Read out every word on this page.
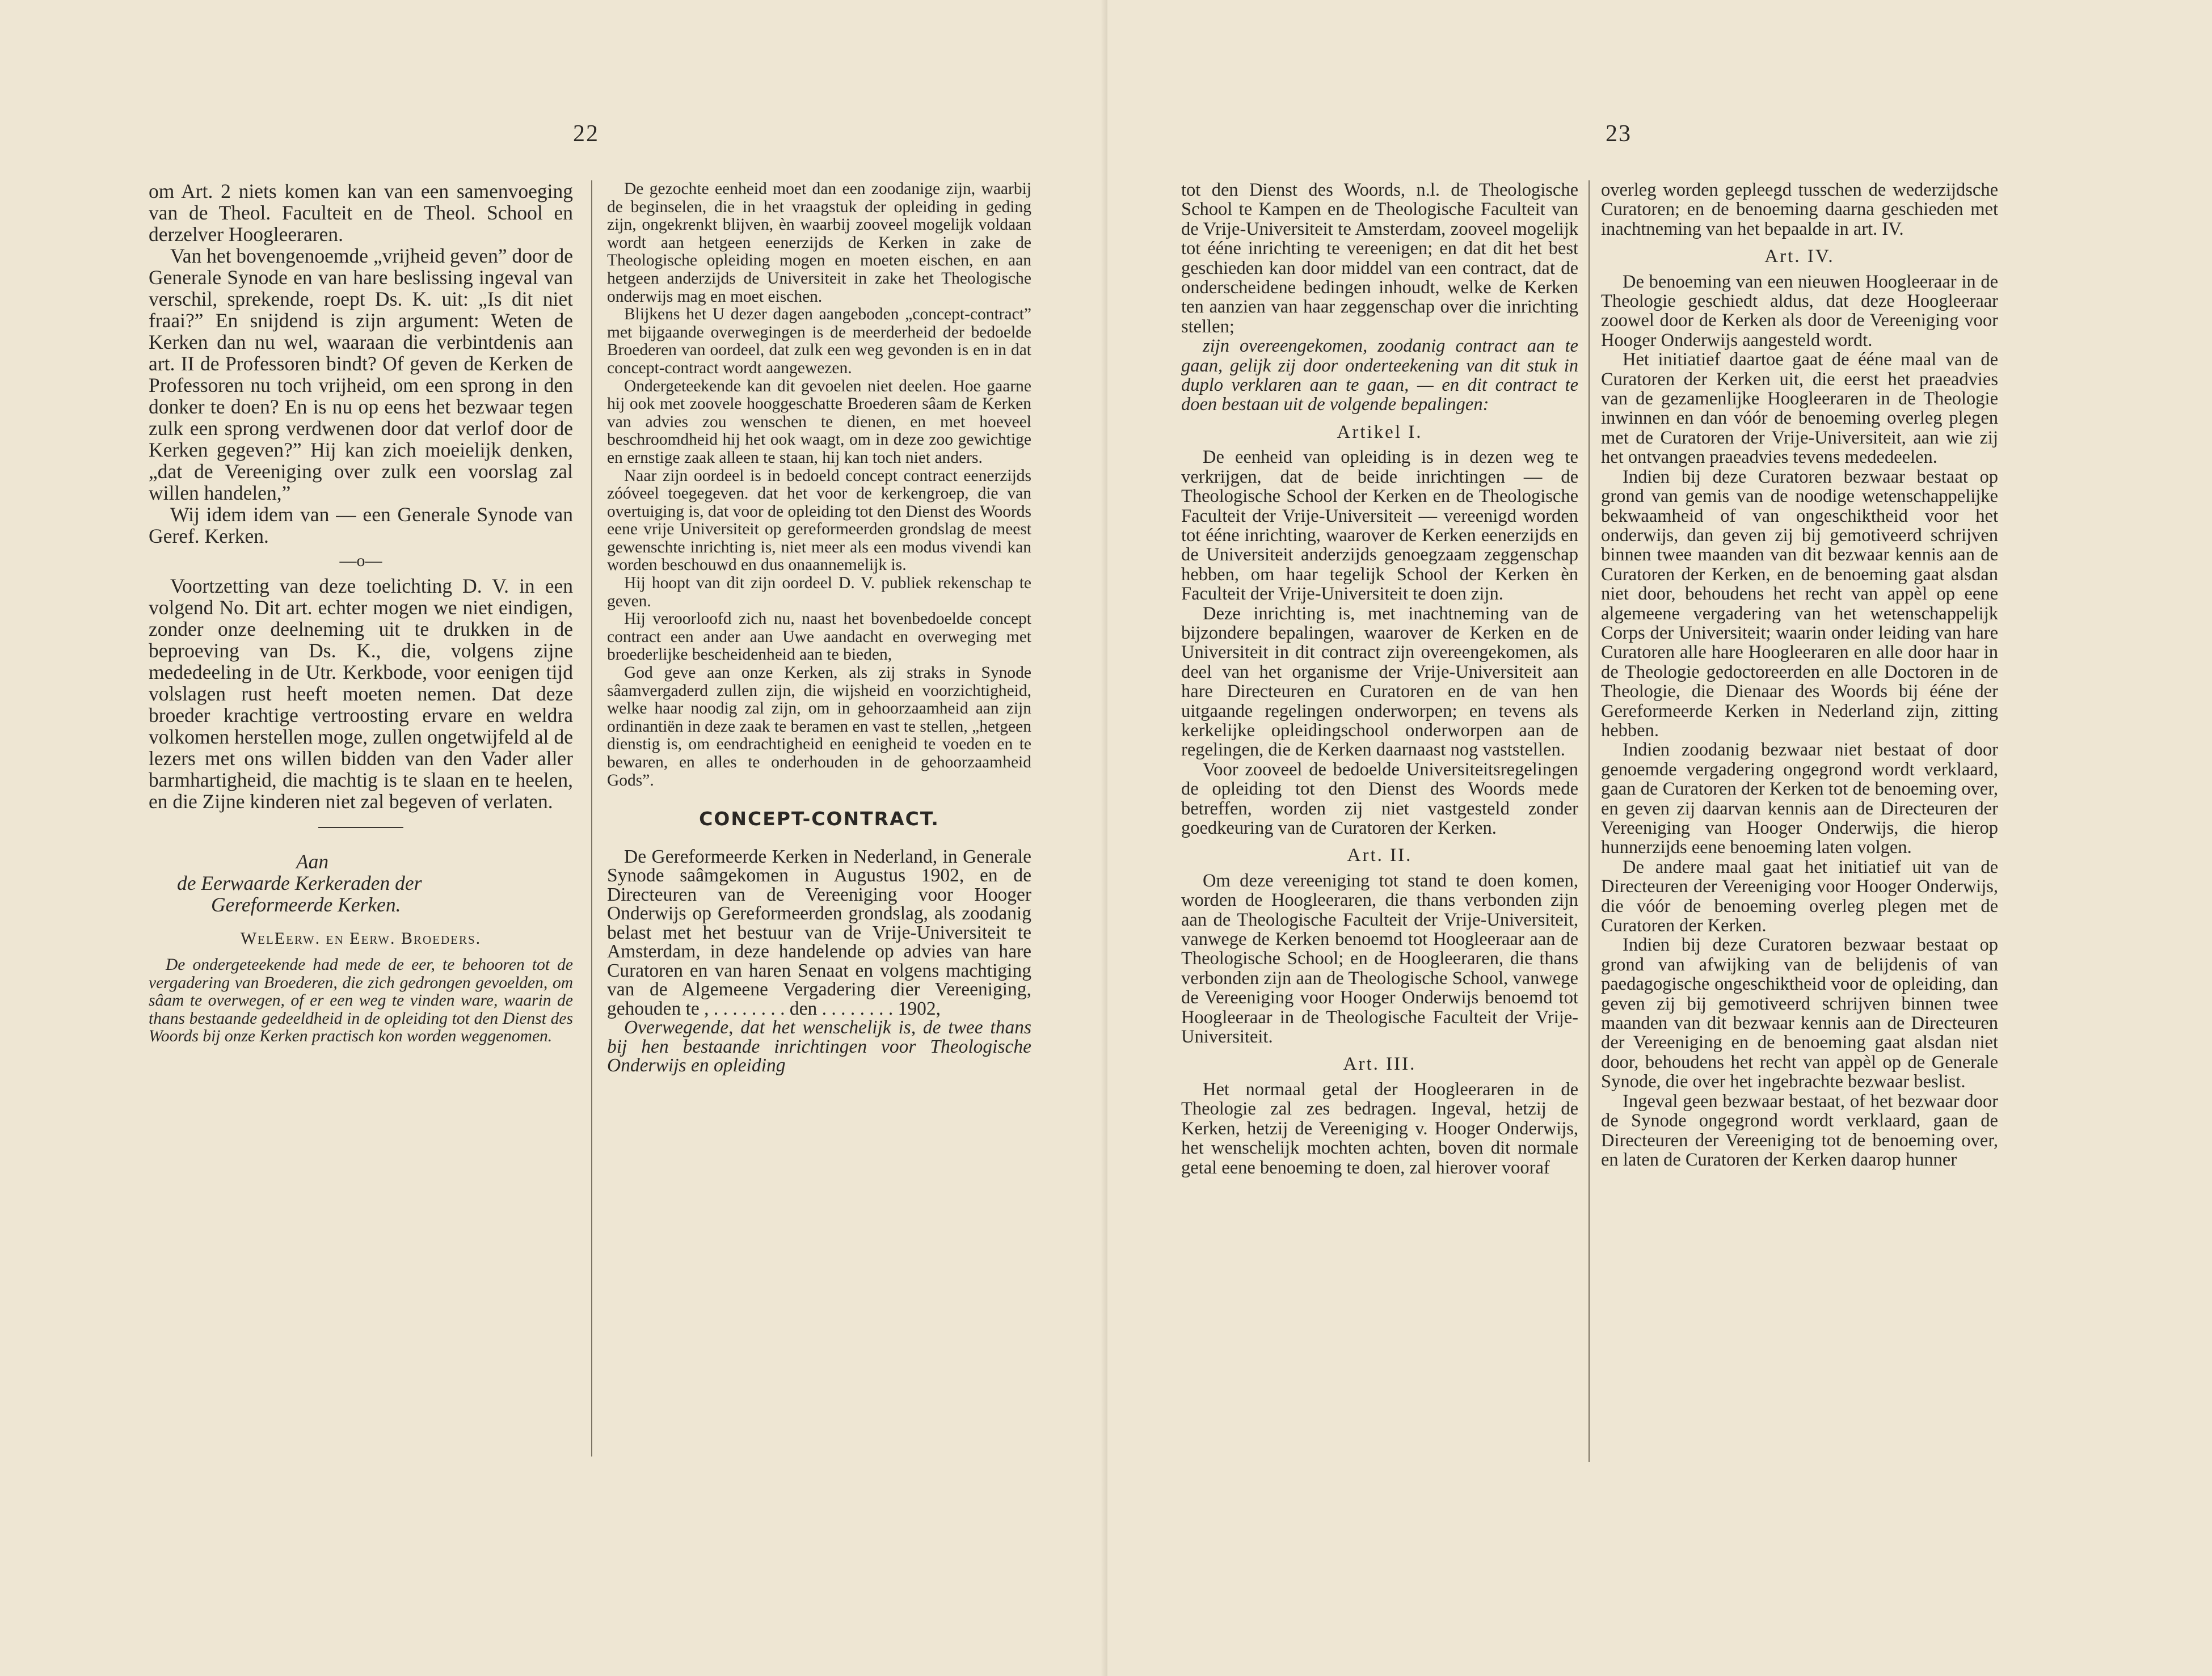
22

om Art. 2 niets komen kan van een samenvoeging van de Theol. Faculteit en de Theol. School en derzelver Hoogleeraren.

Van het bovengenoemde „vrijheid geven” door de Generale Synode en van hare beslissing ingeval van verschil, sprekende, roept Ds. K. uit: „Is dit niet fraai?” En snijdend is zijn argument: Weten de Kerken dan nu wel, waaraan die verbintdenis aan art. II de Professoren bindt? Of geven de Kerken de Professoren nu toch vrijheid, om een sprong in den donker te doen? En is nu op eens het bezwaar tegen zulk een sprong verdwenen door dat verlof door de Kerken gegeven?” Hij kan zich moeielijk denken, „dat de Vereeniging over zulk een voorslag zal willen handelen,”

Wij idem idem van — een Generale Synode van Geref. Kerken.

—o—

Voortzetting van deze toelichting D. V. in een volgend No. Dit art. echter mogen we niet eindigen, zonder onze deelneming uit te drukken in de beproeving van Ds. K., die, volgens zijne mededeeling in de Utr. Kerkbode, voor eenigen tijd volslagen rust heeft moeten nemen. Dat deze broeder krachtige vertroosting ervare en weldra volkomen herstellen moge, zullen ongetwijfeld al de lezers met ons willen bidden van den Vader aller barmhartigheid, die machtig is te slaan en te heelen, en die Zijne kinderen niet zal begeven of verlaten.

Aan

de Eerwaarde Kerkeraden der

Gereformeerde Kerken.

WelEerw. en Eerw. Broeders.

De ondergeteekende had mede de eer, te behooren tot de vergadering van Broederen, die zich gedrongen gevoelden, om sâam te overwegen, of er een weg te vinden ware, waarin de thans bestaande gedeeldheid in de opleiding tot den Dienst des Woords bij onze Kerken practisch kon worden weggenomen.

De gezochte eenheid moet dan een zoodanige zijn, waarbij de beginselen, die in het vraagstuk der opleiding in geding zijn, ongekrenkt blijven, èn waarbij zooveel mogelijk voldaan wordt aan hetgeen eenerzijds de Kerken in zake de Theologische opleiding mogen en moeten eischen, en aan hetgeen anderzijds de Universiteit in zake het Theologische onderwijs mag en moet eischen.

Blijkens het U dezer dagen aangeboden „concept-contract” met bijgaande overwegingen is de meerderheid der bedoelde Broederen van oordeel, dat zulk een weg gevonden is en in dat concept-contract wordt aangewezen.

Ondergeteekende kan dit gevoelen niet deelen. Hoe gaarne hij ook met zoovele hooggeschatte Broederen sâam de Kerken van advies zou wenschen te dienen, en met hoeveel beschroomdheid hij het ook waagt, om in deze zoo gewichtige en ernstige zaak alleen te staan, hij kan toch niet anders.

Naar zijn oordeel is in bedoeld concept contract eenerzijds zóóveel toegegeven. dat het voor de kerkengroep, die van overtuiging is, dat voor de opleiding tot den Dienst des Woords eene vrije Universiteit op gereformeerden grondslag de meest gewenschte inrichting is, niet meer als een modus vivendi kan worden beschouwd en dus onaannemelijk is.

Hij hoopt van dit zijn oordeel D. V. publiek rekenschap te geven.

Hij veroorloofd zich nu, naast het bovenbedoelde concept contract een ander aan Uwe aandacht en overweging met broederlijke bescheidenheid aan te bieden,

God geve aan onze Kerken, als zij straks in Synode sâamvergaderd zullen zijn, die wijsheid en voorzichtigheid, welke haar noodig zal zijn, om in gehoorzaamheid aan zijn ordinantiën in deze zaak te beramen en vast te stellen, „hetgeen dienstig is, om eendrachtigheid en eenigheid te voeden en te bewaren, en alles te onderhouden in de gehoorzaamheid Gods”.

CONCEPT-CONTRACT.

De Gereformeerde Kerken in Nederland, in Generale Synode saâmgekomen in Augustus 1902, en de Directeuren van de Vereeniging voor Hooger Onderwijs op Gereformeerden grondslag, als zoodanig belast met het bestuur van de Vrije-Universiteit te Amsterdam, in deze handelende op advies van hare Curatoren en van haren Senaat en volgens machtiging van de Algemeene Vergadering dier Vereeniging, gehouden te , . . . . . . . . den . . . . . . . . 1902,

Overwegende, dat het wenschelijk is, de twee thans bij hen bestaande inrichtingen voor Theologische Onderwijs en opleiding

23

tot den Dienst des Woords, n.l. de Theologische School te Kampen en de Theologische Faculteit van de Vrije-Universiteit te Amsterdam, zooveel mogelijk tot ééne inrichting te vereenigen; en dat dit het best geschieden kan door middel van een contract, dat de onderscheidene bedingen inhoudt, welke de Kerken ten aanzien van haar zeggenschap over die inrichting stellen;

zijn overeengekomen, zoodanig contract aan te gaan, gelijk zij door onderteekening van dit stuk in duplo verklaren aan te gaan, — en dit contract te doen bestaan uit de volgende bepalingen:

Artikel I.

De eenheid van opleiding is in dezen weg te verkrijgen, dat de beide inrichtingen — de Theologische School der Kerken en de Theologische Faculteit der Vrije-Universiteit — vereenigd worden tot ééne inrichting, waarover de Kerken eenerzijds en de Universiteit anderzijds genoegzaam zeggenschap hebben, om haar tegelijk School der Kerken èn Faculteit der Vrije-Universiteit te doen zijn.

Deze inrichting is, met inachtneming van de bijzondere bepalingen, waarover de Kerken en de Universiteit in dit contract zijn overeengekomen, als deel van het organisme der Vrije-Universiteit aan hare Directeuren en Curatoren en de van hen uitgaande regelingen onderworpen; en tevens als kerkelijke opleidingschool onderworpen aan de regelingen, die de Kerken daarnaast nog vaststellen.

Voor zooveel de bedoelde Universiteitsregelingen de opleiding tot den Dienst des Woords mede betreffen, worden zij niet vastgesteld zonder goedkeuring van de Curatoren der Kerken.

Art. II.

Om deze vereeniging tot stand te doen komen, worden de Hoogleeraren, die thans verbonden zijn aan de Theologische Faculteit der Vrije-Universiteit, vanwege de Kerken benoemd tot Hoogleeraar aan de Theologische School; en de Hoogleeraren, die thans verbonden zijn aan de Theologische School, vanwege de Vereeniging voor Hooger Onderwijs benoemd tot Hoogleeraar in de Theologische Faculteit der Vrije-Universiteit.

Art. III.

Het normaal getal der Hoogleeraren in de Theologie zal zes bedragen. Ingeval, hetzij de Kerken, hetzij de Vereeniging v. Hooger Onderwijs, het wenschelijk mochten achten, boven dit normale getal eene benoeming te doen, zal hierover vooraf

overleg worden gepleegd tusschen de wederzijdsche Curatoren; en de benoeming daarna geschieden met inachtneming van het bepaalde in art. IV.

Art. IV.

De benoeming van een nieuwen Hoogleeraar in de Theologie geschiedt aldus, dat deze Hoogleeraar zoowel door de Kerken als door de Vereeniging voor Hooger Onderwijs aangesteld wordt.

Het initiatief daartoe gaat de ééne maal van de Curatoren der Kerken uit, die eerst het praeadvies van de gezamenlijke Hoogleeraren in de Theologie inwinnen en dan vóór de benoeming overleg plegen met de Curatoren der Vrije-Universiteit, aan wie zij het ontvangen praeadvies tevens mededeelen.

Indien bij deze Curatoren bezwaar bestaat op grond van gemis van de noodige wetenschappelijke bekwaamheid of van ongeschiktheid voor het onderwijs, dan geven zij bij gemotiveerd schrijven binnen twee maanden van dit bezwaar kennis aan de Curatoren der Kerken, en de benoeming gaat alsdan niet door, behoudens het recht van appèl op eene algemeene vergadering van het wetenschappelijk Corps der Universiteit; waarin onder leiding van hare Curatoren alle hare Hoogleeraren en alle door haar in de Theologie gedoctoreerden en alle Doctoren in de Theologie, die Dienaar des Woords bij ééne der Gereformeerde Kerken in Nederland zijn, zitting hebben.

Indien zoodanig bezwaar niet bestaat of door genoemde vergadering ongegrond wordt verklaard, gaan de Curatoren der Kerken tot de benoeming over, en geven zij daarvan kennis aan de Directeuren der Vereeniging van Hooger Onderwijs, die hierop hunnerzijds eene benoeming laten volgen.

De andere maal gaat het initiatief uit van de Directeuren der Vereeniging voor Hooger Onderwijs, die vóór de benoeming overleg plegen met de Curatoren der Kerken.

Indien bij deze Curatoren bezwaar bestaat op grond van afwijking van de belijdenis of van paedagogische ongeschiktheid voor de opleiding, dan geven zij bij gemotiveerd schrijven binnen twee maanden van dit bezwaar kennis aan de Directeuren der Vereeniging en de benoeming gaat alsdan niet door, behoudens het recht van appèl op de Generale Synode, die over het ingebrachte bezwaar beslist.

Ingeval geen bezwaar bestaat, of het bezwaar door de Synode ongegrond wordt verklaard, gaan de Directeuren der Vereeniging tot de benoeming over, en laten de Curatoren der Kerken daarop hunner
